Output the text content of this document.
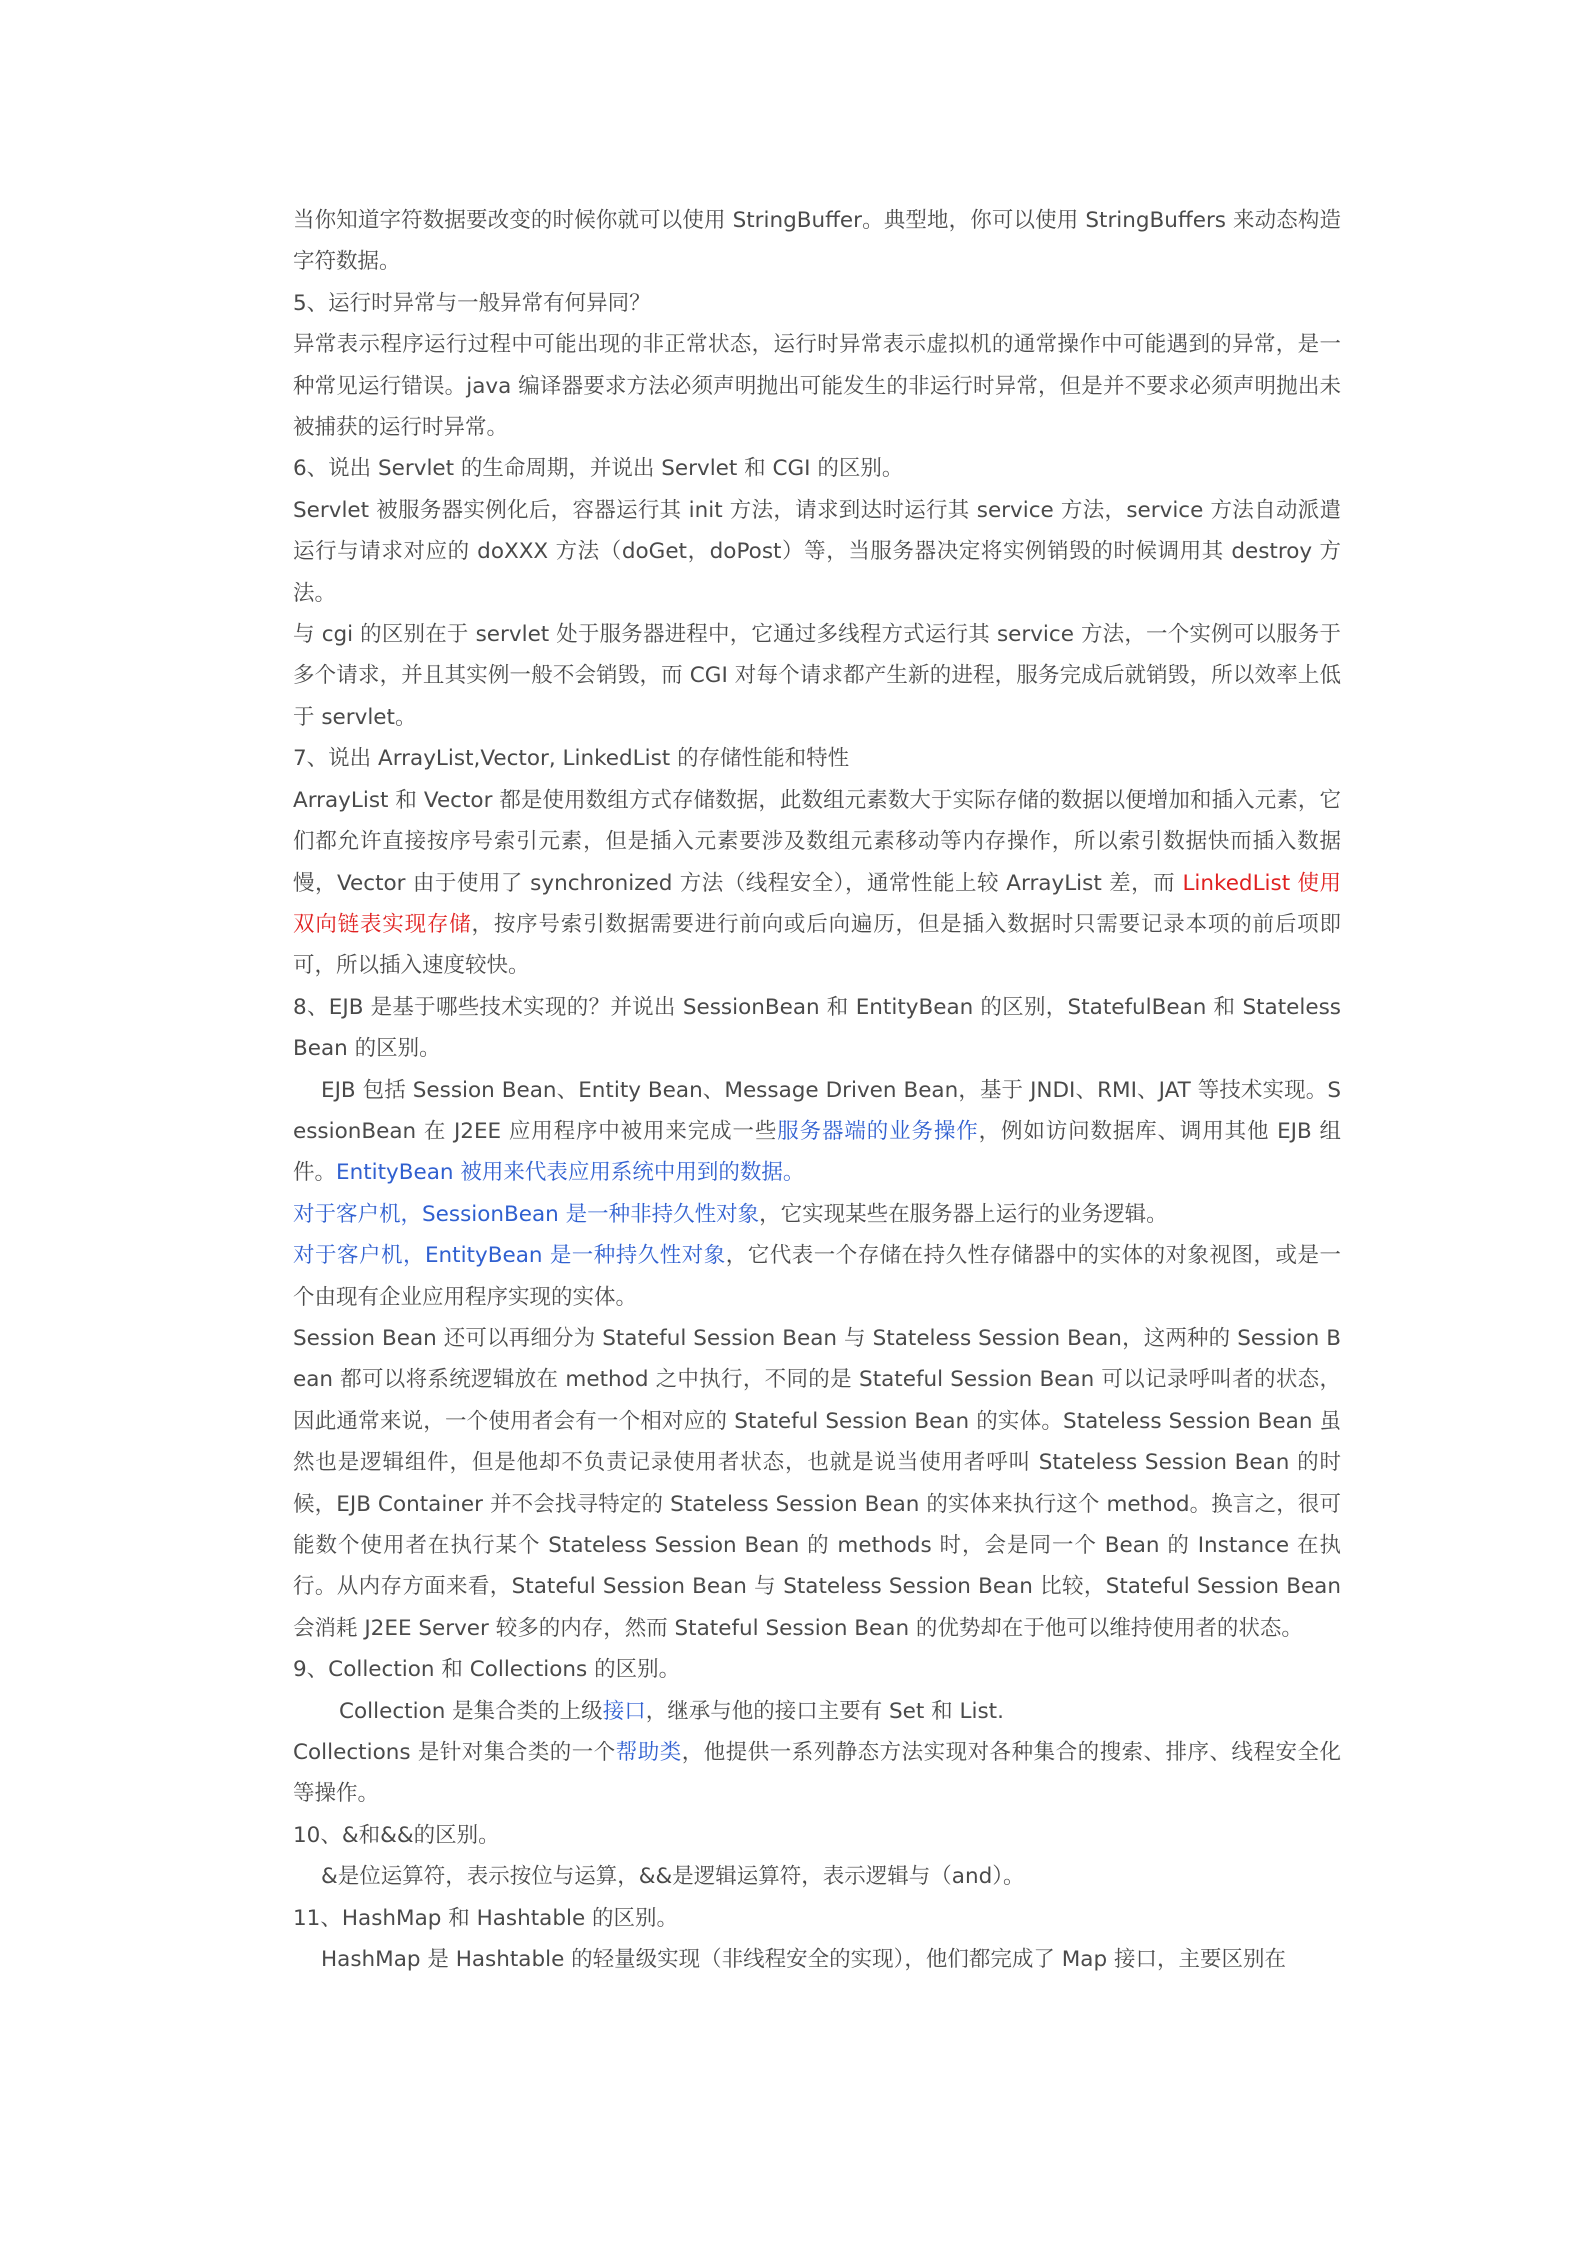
当你知道字符数据要改变的时候你就可以使用 StringBuffer。典型地，你可以使用 StringBuffers 来动态构造字符数据。

5、运行时异常与一般异常有何异同？

异常表示程序运行过程中可能出现的非正常状态，运行时异常表示虚拟机的通常操作中可能遇到的异常，是一种常见运行错误。java 编译器要求方法必须声明抛出可能发生的非运行时异常，但是并不要求必须声明抛出未被捕获的运行时异常。

6、说出 Servlet 的生命周期，并说出 Servlet 和 CGI 的区别。

Servlet 被服务器实例化后，容器运行其 init 方法，请求到达时运行其 service 方法，service 方法自动派遣运行与请求对应的 doXXX 方法（doGet，doPost）等，当服务器决定将实例销毁的时候调用其 destroy 方法。

与 cgi 的区别在于 servlet 处于服务器进程中，它通过多线程方式运行其 service 方法，一个实例可以服务于多个请求，并且其实例一般不会销毁，而 CGI 对每个请求都产生新的进程，服务完成后就销毁，所以效率上低于 servlet。

7、说出 ArrayList,Vector, LinkedList 的存储性能和特性

ArrayList 和 Vector 都是使用数组方式存储数据，此数组元素数大于实际存储的数据以便增加和插入元素，它们都允许直接按序号索引元素，但是插入元素要涉及数组元素移动等内存操作，所以索引数据快而插入数据慢，Vector 由于使用了 synchronized 方法（线程安全），通常性能上较 ArrayList 差，而 LinkedList 使用双向链表实现存储，按序号索引数据需要进行前向或后向遍历，但是插入数据时只需要记录本项的前后项即可，所以插入速度较快。

8、EJB 是基于哪些技术实现的？并说出 SessionBean 和 EntityBean 的区别，StatefulBean 和 StatelessBean 的区别。

EJB 包括 Session Bean、Entity Bean、Message Driven Bean，基于 JNDI、RMI、JAT 等技术实现。SessionBean 在 J2EE 应用程序中被用来完成一些服务器端的业务操作，例如访问数据库、调用其他 EJB 组件。EntityBean 被用来代表应用系统中用到的数据。

对于客户机，SessionBean 是一种非持久性对象，它实现某些在服务器上运行的业务逻辑。

对于客户机，EntityBean 是一种持久性对象，它代表一个存储在持久性存储器中的实体的对象视图，或是一个由现有企业应用程序实现的实体。

Session Bean 还可以再细分为 Stateful Session Bean 与 Stateless Session Bean，这两种的 Session Bean 都可以将系统逻辑放在 method 之中执行，不同的是 Stateful Session Bean 可以记录呼叫者的状态，因此通常来说，一个使用者会有一个相对应的 Stateful Session Bean 的实体。Stateless Session Bean 虽然也是逻辑组件，但是他却不负责记录使用者状态，也就是说当使用者呼叫 Stateless Session Bean 的时候，EJB Container 并不会找寻特定的 Stateless Session Bean 的实体来执行这个 method。换言之，很可能数个使用者在执行某个 Stateless Session Bean 的 methods 时，会是同一个 Bean 的 Instance 在执行。从内存方面来看，Stateful Session Bean 与 Stateless Session Bean 比较，Stateful Session Bean 会消耗 J2EE Server 较多的内存，然而 Stateful Session Bean 的优势却在于他可以维持使用者的状态。

9、Collection 和 Collections 的区别。

Collection 是集合类的上级接口，继承与他的接口主要有 Set 和 List.

Collections 是针对集合类的一个帮助类，他提供一系列静态方法实现对各种集合的搜索、排序、线程安全化等操作。

10、&和&&的区别。

&是位运算符，表示按位与运算，&&是逻辑运算符，表示逻辑与（and）。

11、HashMap 和 Hashtable 的区别。

HashMap 是 Hashtable 的轻量级实现（非线程安全的实现），他们都完成了 Map 接口，主要区别在
